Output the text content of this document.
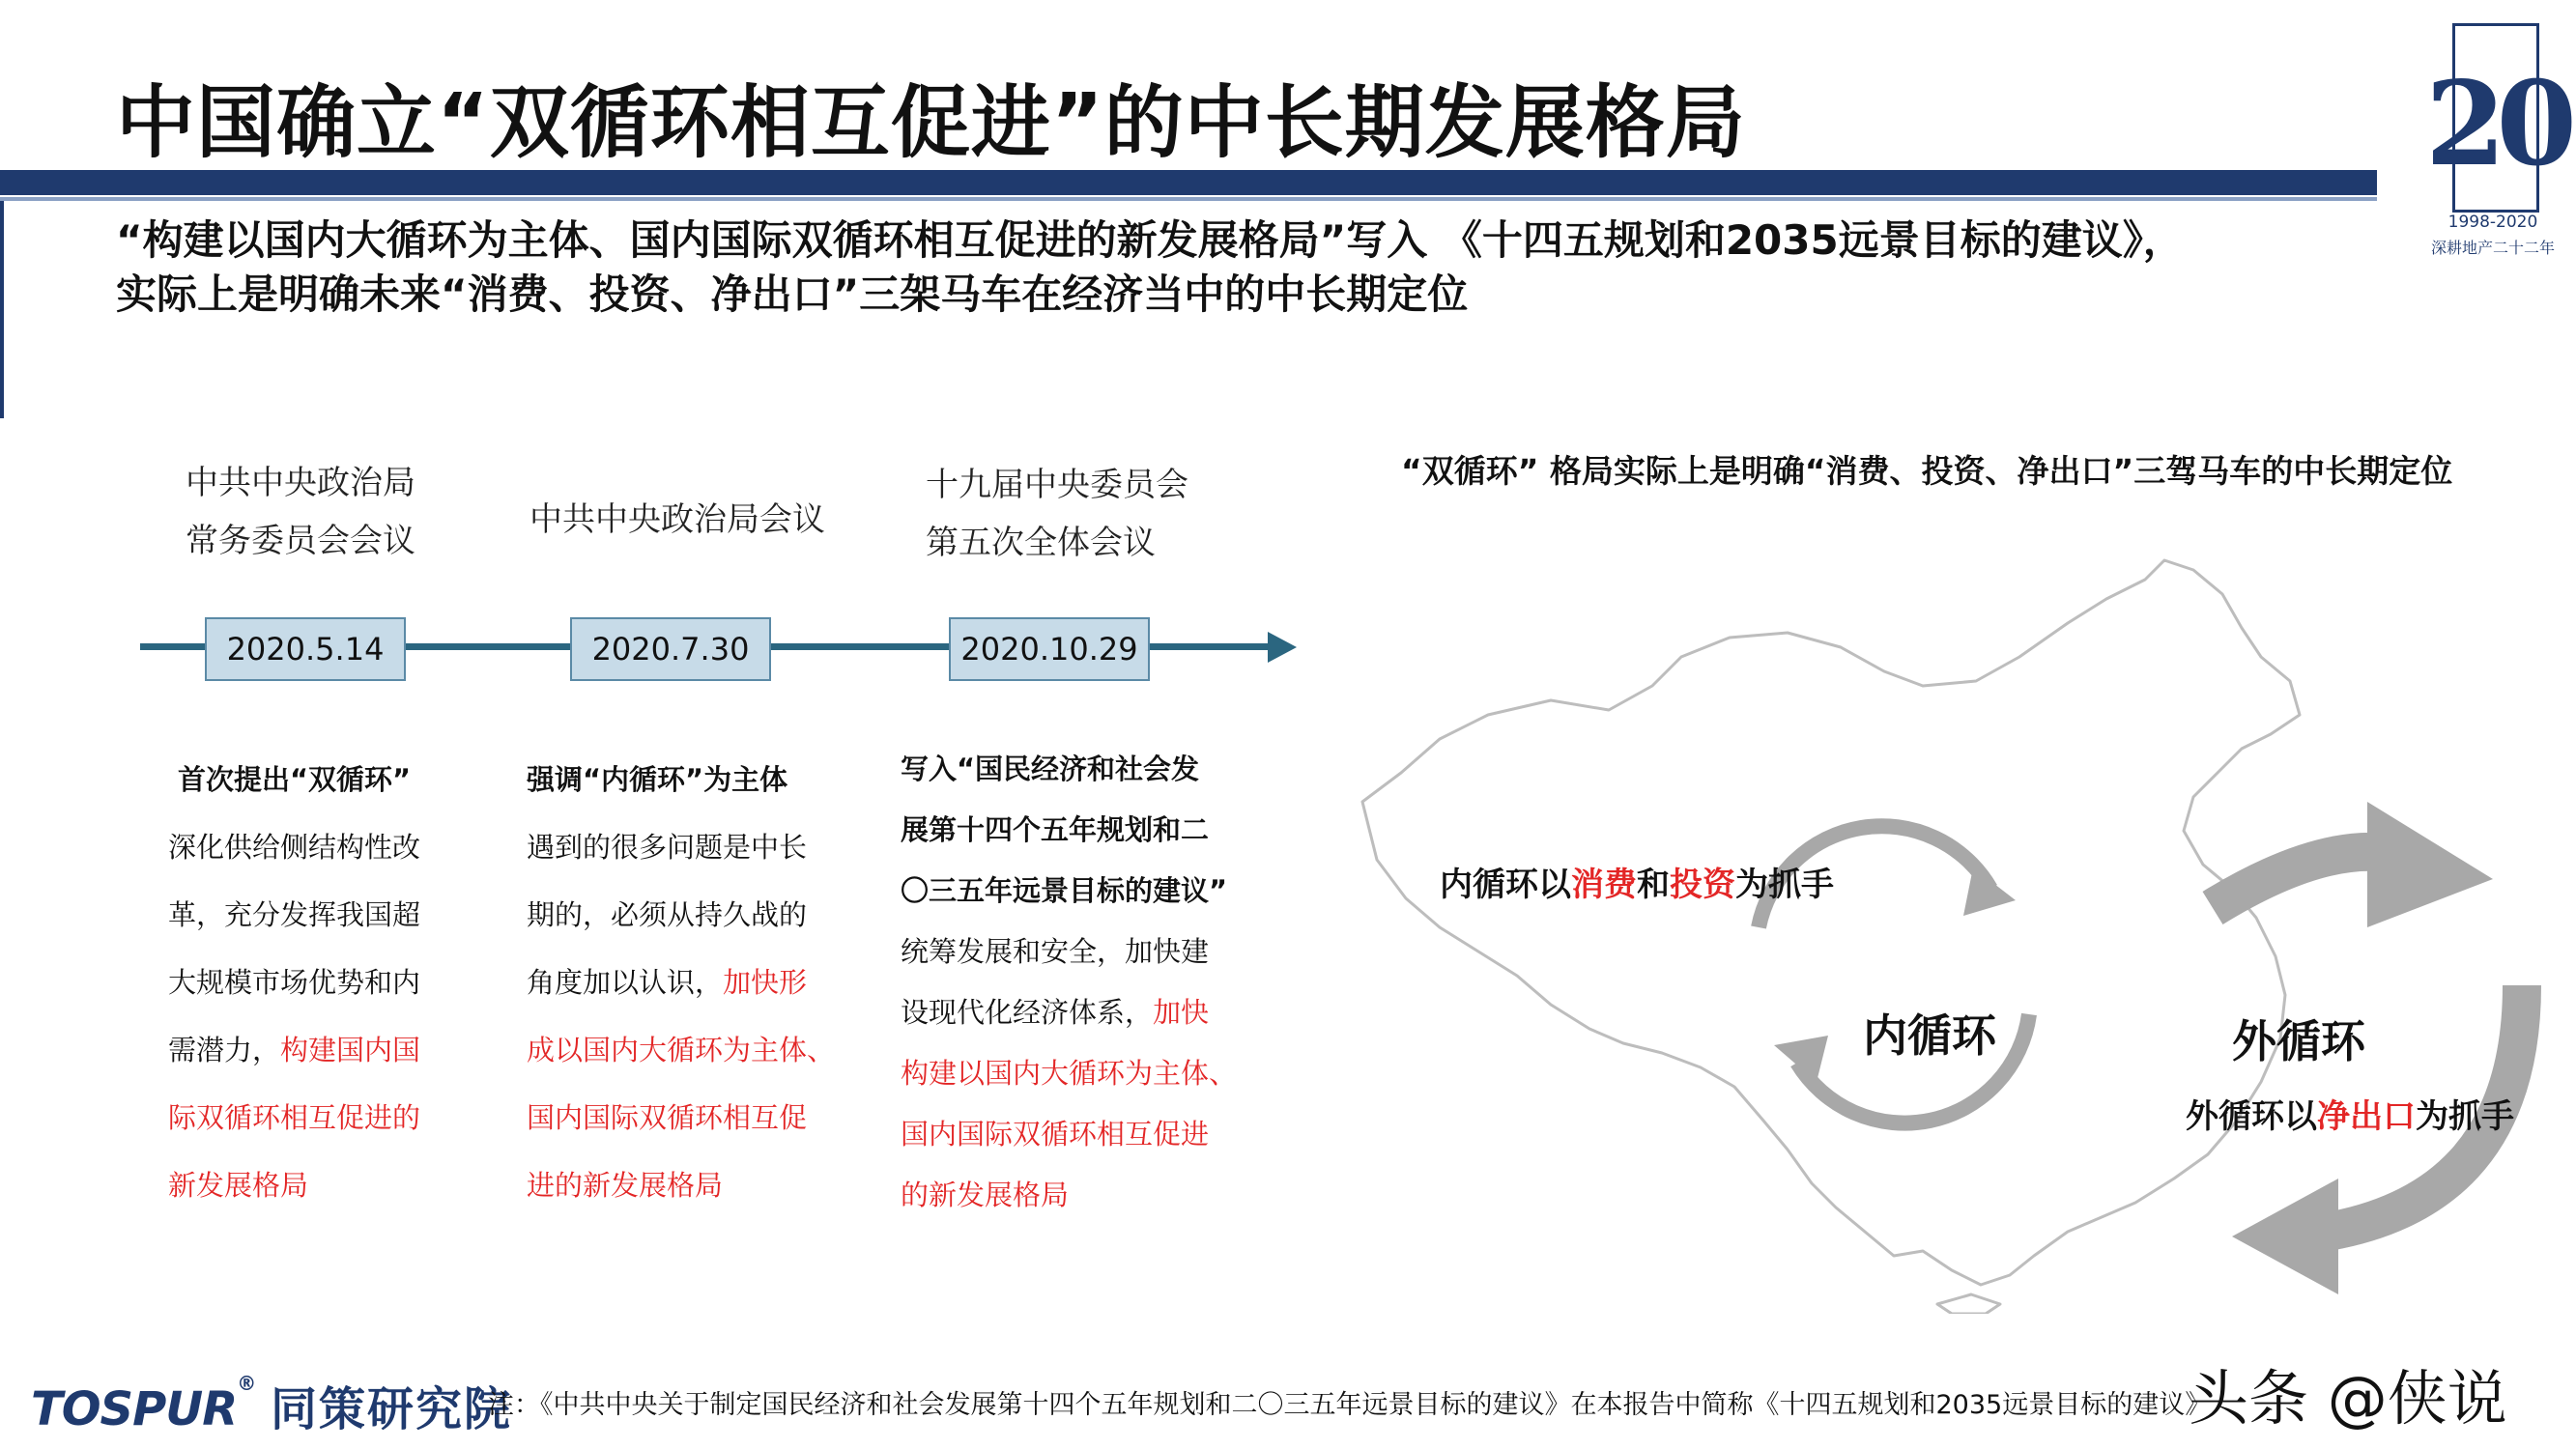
中国确立“双循环相互促进”的中长期发展格局	20
1998-2020
深耕地产二十二年
“构建以国内大循环为主体、国内国际双循环相互促进的新发展格局”写入 《十四五规划和2035远景目标的建议》，
实际上是明确未来“消费、投资、净出口”三架马车在经济当中的中长期定位
中共中央政治局
常务委员会会议
中共中央政治局会议
十九届中央委员会
第五次全体会议
2020.5.14	2020.7.30	2020.10.29
首次提出“双循环”
深化供给侧结构性改
革，充分发挥我国超
大规模市场优势和内
需潜力，构建国内国
际双循环相互促进的
新发展格局
强调“内循环”为主体
遇到的很多问题是中长
期的，必须从持久战的
角度加以认识，加快形
成以国内大循环为主体、
国内国际双循环相互促
进的新发展格局
写入“国民经济和社会发
展第十四个五年规划和二
〇三五年远景目标的建议”
统筹发展和安全，加快建
设现代化经济体系，加快
构建以国内大循环为主体、
国内国际双循环相互促进
的新发展格局
“双循环” 格局实际上是明确“消费、投资、净出口”三驾马车的中长期定位
内循环以消费和投资为抓手
内循环	外循环
外循环以净出口为抓手
TOSPUR® 同策研究院
注：《中共中央关于制定国民经济和社会发展第十四个五年规划和二〇三五年远景目标的建议》在本报告中简称《十四五规划和2035远景目标的建议》
头条 @侠说
